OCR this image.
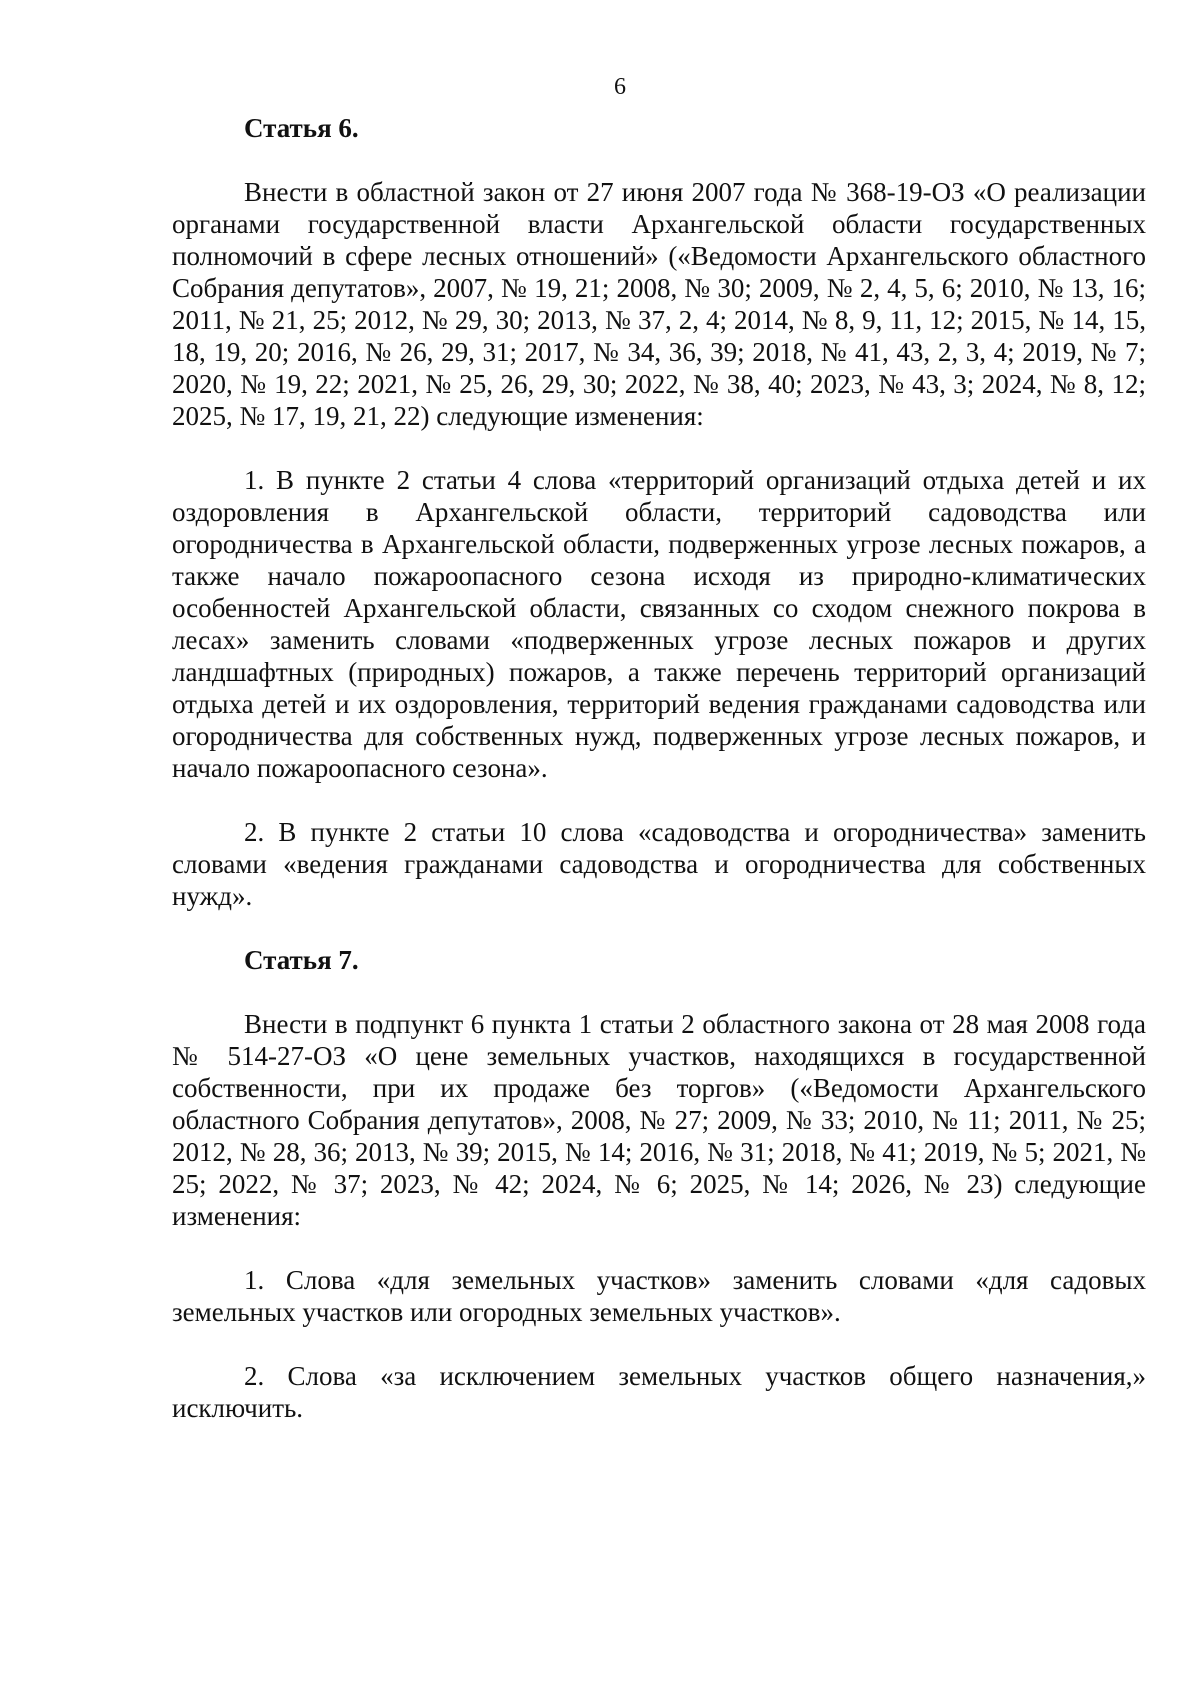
6

Статья 6.

Внести в областной закон от 27 июня 2007 года № 368-19-ОЗ «О реализации органами государственной власти Архангельской области государственных полномочий в сфере лесных отношений» («Ведомости Архангельского областного Собрания депутатов», 2007, № 19, 21; 2008, № 30; 2009, № 2, 4, 5, 6; 2010, № 13, 16; 2011, № 21, 25; 2012, № 29, 30; 2013, № 37, 2, 4; 2014, № 8, 9, 11, 12; 2015, № 14, 15, 18, 19, 20; 2016, № 26, 29, 31; 2017, № 34, 36, 39; 2018, № 41, 43, 2, 3, 4; 2019, № 7; 2020, № 19, 22; 2021, № 25, 26, 29, 30; 2022, № 38, 40; 2023, № 43, 3; 2024, № 8, 12; 2025, № 17, 19, 21, 22) следующие изменения:

1. В пункте 2 статьи 4 слова «территорий организаций отдыха детей и их оздоровления в Архангельской области, территорий садоводства или огородничества в Архангельской области, подверженных угрозе лесных пожаров, а также начало пожароопасного сезона исходя из природно-климатических особенностей Архангельской области, связанных со сходом снежного покрова в лесах» заменить словами «подверженных угрозе лесных пожаров и других ландшафтных (природных) пожаров, а также перечень территорий организаций отдыха детей и их оздоровления, территорий ведения гражданами садоводства или огородничества для собственных нужд, подверженных угрозе лесных пожаров, и начало пожароопасного сезона».

2. В пункте 2 статьи 10 слова «садоводства и огородничества» заменить словами «ведения гражданами садоводства и огородничества для собственных нужд».

Статья 7.

Внести в подпункт 6 пункта 1 статьи 2 областного закона от 28 мая 2008 года № 514-27-ОЗ «О цене земельных участков, находящихся в государственной собственности, при их продаже без торгов» («Ведомости Архангельского областного Собрания депутатов», 2008, № 27; 2009, № 33; 2010, № 11; 2011, № 25; 2012, № 28, 36; 2013, № 39; 2015, № 14; 2016, № 31; 2018, № 41; 2019, № 5; 2021, № 25; 2022, № 37; 2023, № 42; 2024, № 6; 2025, № 14; 2026, № 23) следующие изменения:

1. Слова «для земельных участков» заменить словами «для садовых земельных участков или огородных земельных участков».

2. Слова «за исключением земельных участков общего назначения,» исключить.
